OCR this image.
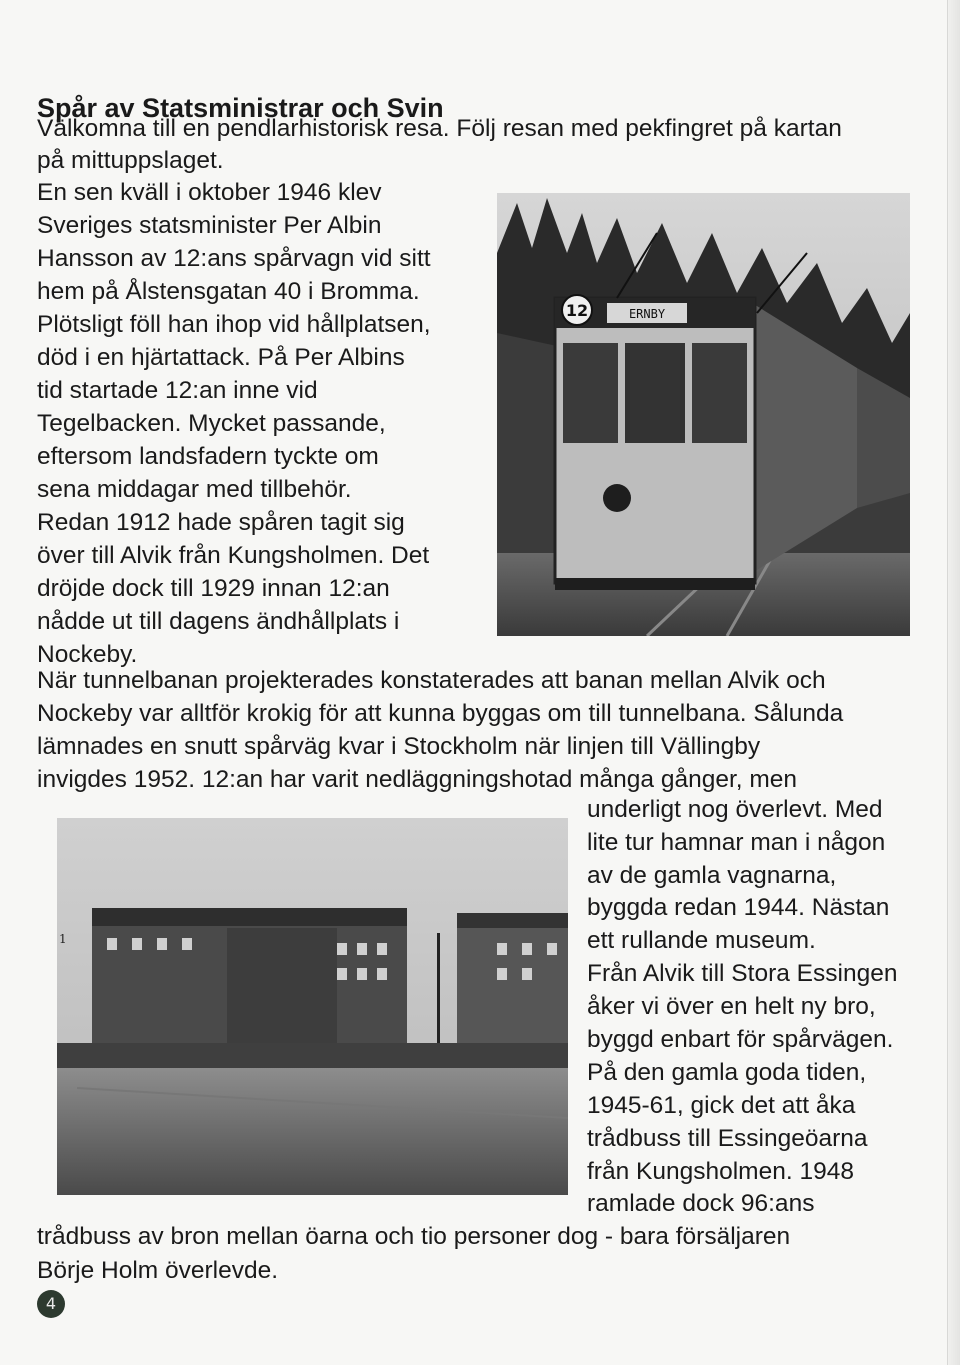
Spår av Statsministrar och Svin
Välkomna till en pendlarhistorisk resa. Följ resan med pekfingret på kartan
på mittuppslaget.
En sen kväll i oktober 1946 klev
Sveriges statsminister Per Albin
Hansson av 12:ans spårvagn vid sitt
hem på Ålstensgatan 40 i Bromma.
Plötsligt föll han ihop vid hållplatsen,
död i en hjärtattack. På Per Albins
tid startade 12:an inne vid
Tegelbacken. Mycket passande,
eftersom landsfadern tyckte om
sena middagar med tillbehör.
Redan 1912 hade spåren tagit sig
över till Alvik från Kungsholmen. Det
dröjde dock till 1929 innan 12:an
nådde ut till dagens ändhållplats i
Nockeby.
När tunnelbanan projekterades konstaterades att banan mellan Alvik och
Nockeby var alltför krokig för att kunna byggas om till tunnelbana. Sålunda
lämnades en snutt spårväg kvar i Stockholm när linjen till Vällingby
invigdes 1952. 12:an har varit nedläggningshotad många gånger, men
underligt nog överlevt. Med
lite tur hamnar man i någon
av de gamla vagnarna,
byggda redan 1944. Nästan
ett rullande museum.
Från Alvik till Stora Essingen
åker vi över en helt ny bro,
byggd enbart för spårvägen.
På den gamla goda tiden,
1945-61, gick det att åka
trådbuss till Essingeöarna
från Kungsholmen. 1948
ramlade dock 96:ans
trådbuss av bron mellan öarna och tio personer dog - bara försäljaren
Börje Holm överlevde.
ERNBY
12
1
4
